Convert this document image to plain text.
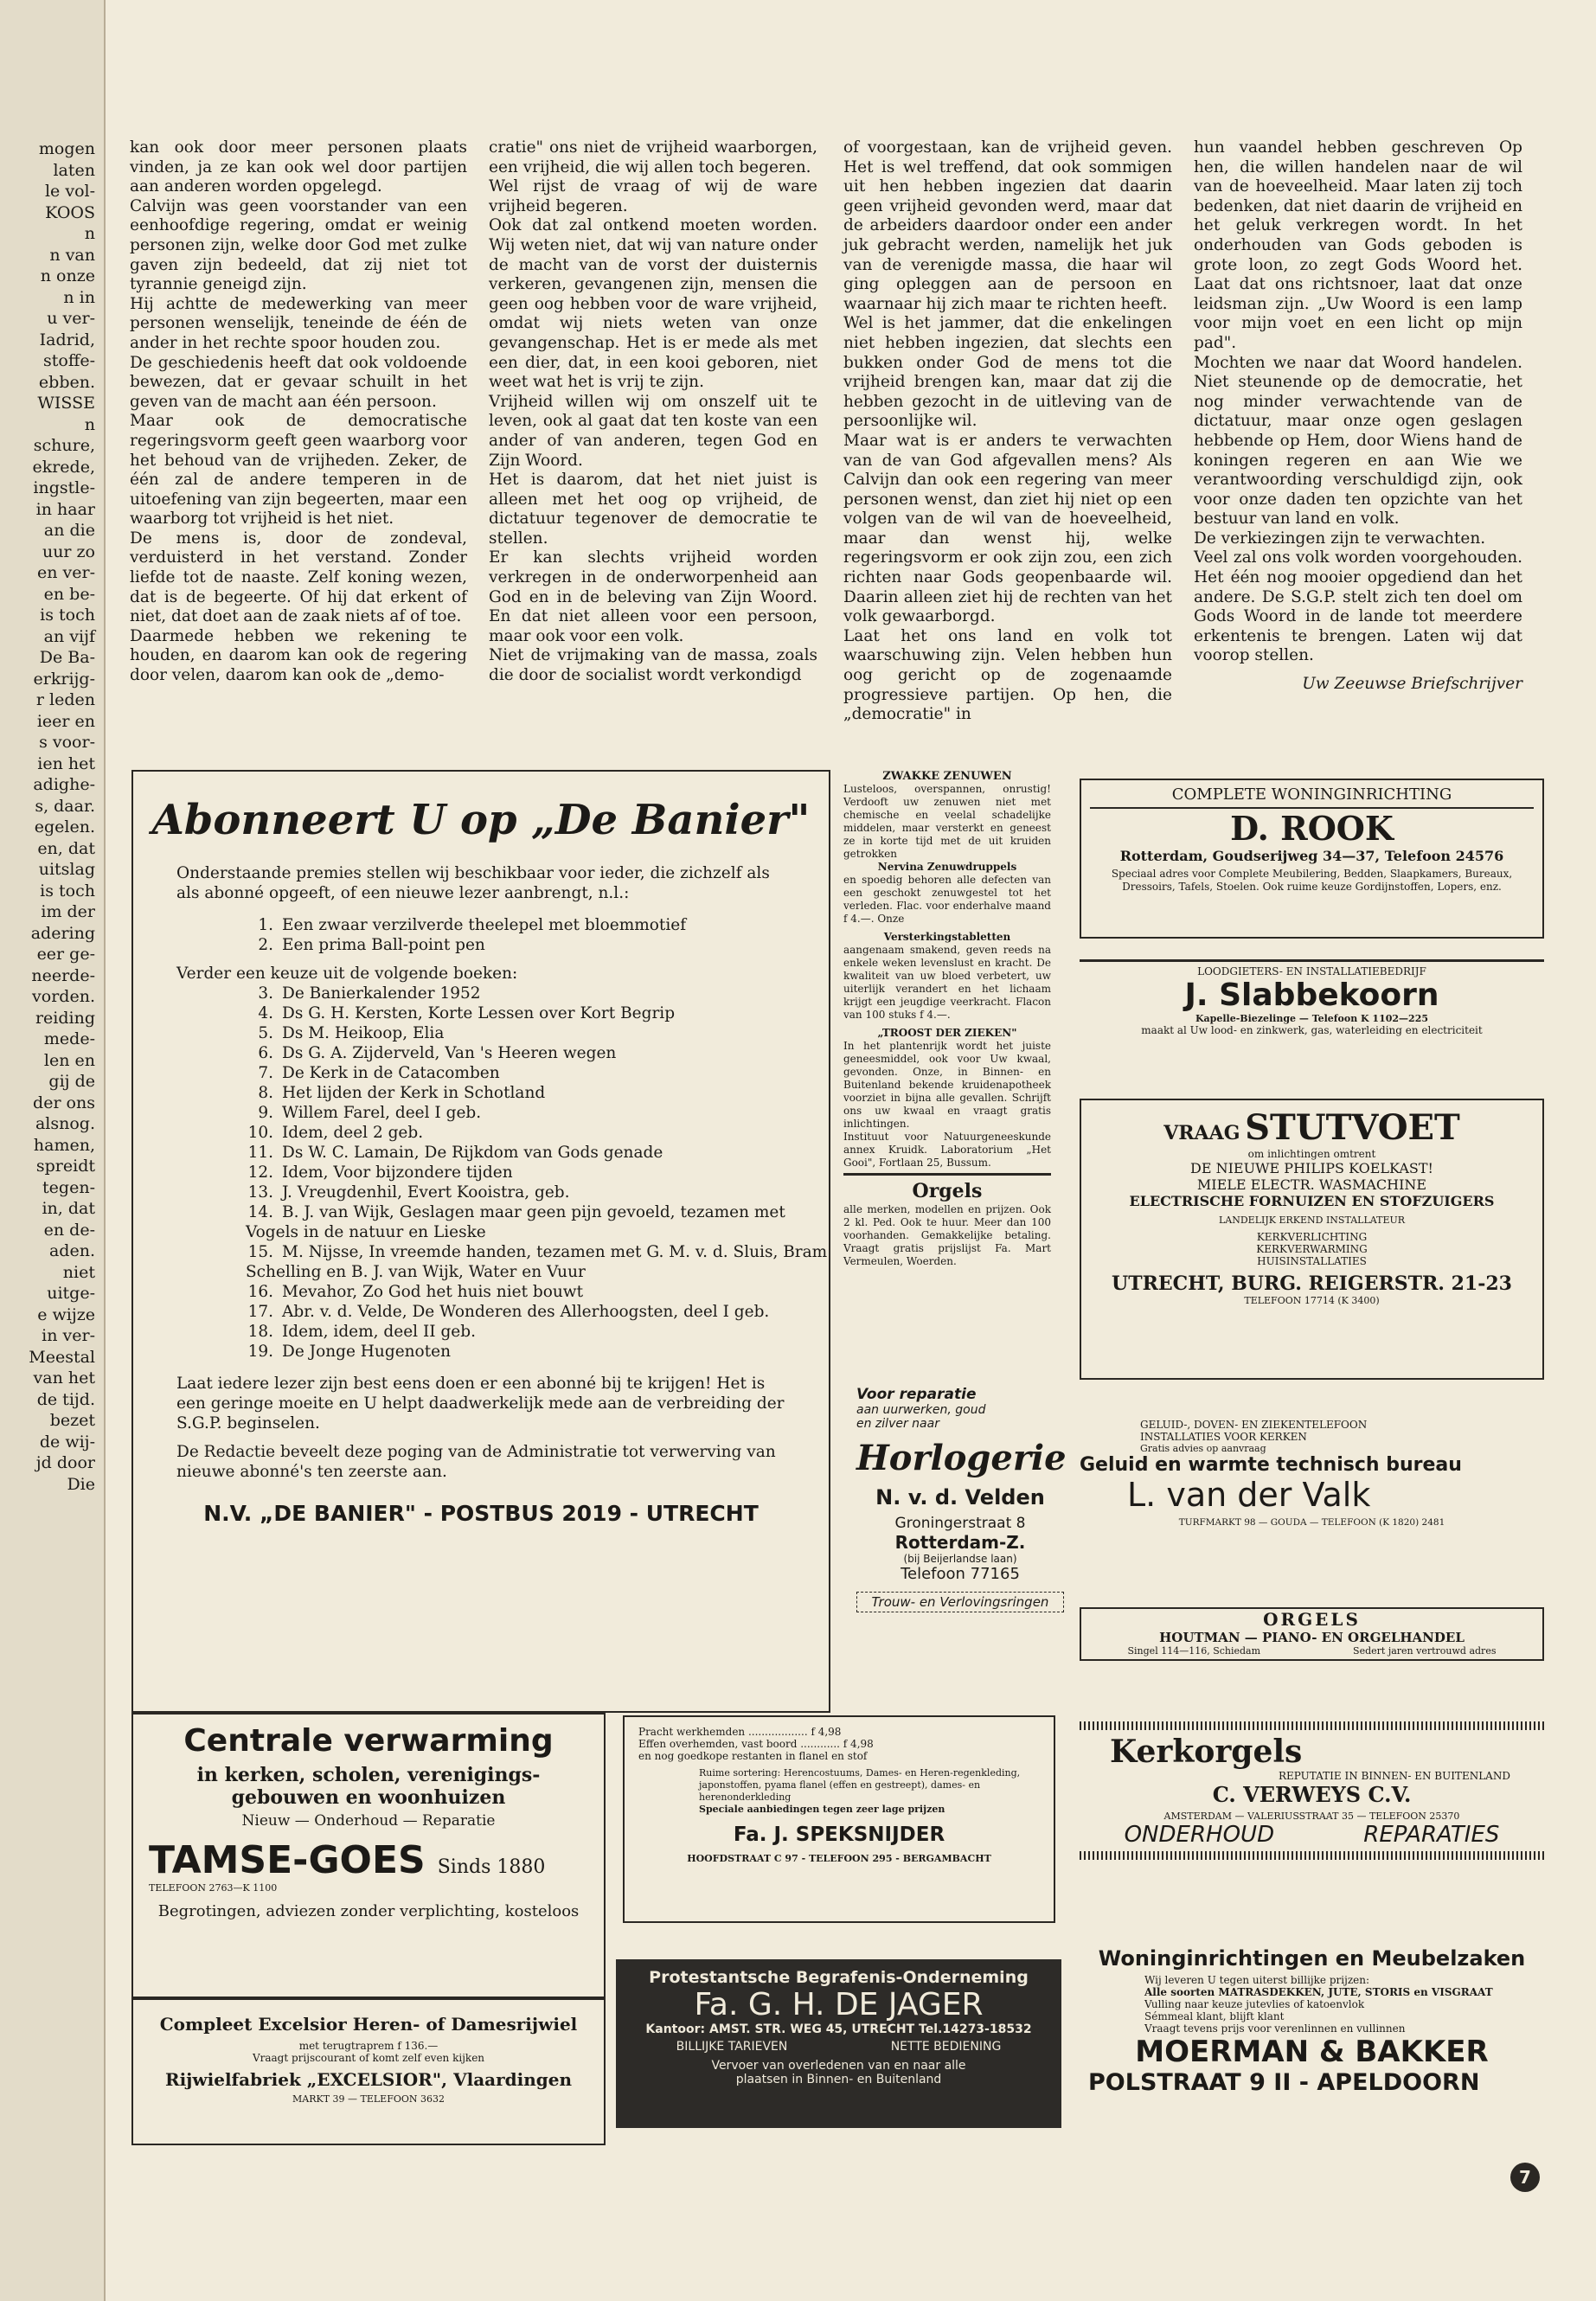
mogen
laten
le vol-
KOOS
n
n van
n onze
n in
u ver-
Iadrid,
stoffe-
ebben.
WISSE
n
schure,
ekrede,
ingstle-
in haar
an die
uur zo
en ver-
en be-
is toch
an vijf
De Ba-
erkrijg-
r leden
ieer en
s voor-
ien het
adighe-
s, daar.
egelen.
en, dat
uitslag
is toch
im der
adering
eer ge-
neerde-
vorden.
reiding
mede-
len en
gij de
der ons
alsnog.
hamen,
spreidt
tegen-
in, dat
en de-
aden.
niet
uitge-
e wijze
in ver-
Meestal
van het
de tijd.
bezet
de wij-
jd door
Die

kan ook door meer personen plaats vinden, ja ze kan ook wel door partijen aan anderen worden opgelegd.

Calvijn was geen voorstander van een eenhoofdige regering, omdat er weinig personen zijn, welke door God met zulke gaven zijn bedeeld, dat zij niet tot tyrannie geneigd zijn.

Hij achtte de medewerking van meer personen wenselijk, teneinde de één de ander in het rechte spoor houden zou.

De geschiedenis heeft dat ook voldoende bewezen, dat er gevaar schuilt in het geven van de macht aan één persoon.

Maar ook de democratische regeringsvorm geeft geen waarborg voor het behoud van de vrijheden. Zeker, de één zal de andere temperen in de uitoefening van zijn begeerten, maar een waarborg tot vrijheid is het niet.

De mens is, door de zondeval, verduisterd in het verstand. Zonder liefde tot de naaste. Zelf koning wezen, dat is de begeerte. Of hij dat erkent of niet, dat doet aan de zaak niets af of toe.

Daarmede hebben we rekening te houden, en daarom kan ook de regering door velen, daarom kan ook de „demo-

cratie" ons niet de vrijheid waarborgen, een vrijheid, die wij allen toch begeren.

Wel rijst de vraag of wij de ware vrijheid begeren.

Ook dat zal ontkend moeten worden. Wij weten niet, dat wij van nature onder de macht van de vorst der duisternis verkeren, gevangenen zijn, mensen die geen oog hebben voor de ware vrijheid, omdat wij niets weten van onze gevangenschap. Het is er mede als met een dier, dat, in een kooi geboren, niet weet wat het is vrij te zijn.

Vrijheid willen wij om onszelf uit te leven, ook al gaat dat ten koste van een ander of van anderen, tegen God en Zijn Woord.

Het is daarom, dat het niet juist is alleen met het oog op vrijheid, de dictatuur tegenover de democratie te stellen.

Er kan slechts vrijheid worden verkregen in de onderworpenheid aan God en in de beleving van Zijn Woord. En dat niet alleen voor een persoon, maar ook voor een volk.

Niet de vrijmaking van de massa, zoals die door de socialist wordt verkondigd

of voorgestaan, kan de vrijheid geven. Het is wel treffend, dat ook sommigen uit hen hebben ingezien dat daarin geen vrijheid gevonden werd, maar dat de arbeiders daardoor onder een ander juk gebracht werden, namelijk het juk van de verenigde massa, die haar wil ging opleggen aan de persoon en waarnaar hij zich maar te richten heeft.

Wel is het jammer, dat die enkelingen niet hebben ingezien, dat slechts een bukken onder God de mens tot die vrijheid brengen kan, maar dat zij die hebben gezocht in de uitleving van de persoonlijke wil.

Maar wat is er anders te verwachten van de van God afgevallen mens? Als Calvijn dan ook een regering van meer personen wenst, dan ziet hij niet op een volgen van de wil van de hoeveelheid, maar dan wenst hij, welke regeringsvorm er ook zijn zou, een zich richten naar Gods geopenbaarde wil. Daarin alleen ziet hij de rechten van het volk gewaarborgd.

Laat het ons land en volk tot waarschuwing zijn. Velen hebben hun oog gericht op de zogenaamde progressieve partijen. Op hen, die „democratie" in

hun vaandel hebben geschreven Op hen, die willen handelen naar de wil van de hoeveelheid. Maar laten zij toch bedenken, dat niet daarin de vrijheid en het geluk verkregen wordt. In het onderhouden van Gods geboden is grote loon, zo zegt Gods Woord het. Laat dat ons richtsnoer, laat dat onze leidsman zijn. „Uw Woord is een lamp voor mijn voet en een licht op mijn pad".

Mochten we naar dat Woord handelen. Niet steunende op de democratie, het nog minder verwachtende van de dictatuur, maar onze ogen geslagen hebbende op Hem, door Wiens hand de koningen regeren en aan Wie we verantwoording verschuldigd zijn, ook voor onze daden ten opzichte van het bestuur van land en volk.

De verkiezingen zijn te verwachten.

Veel zal ons volk worden voorgehouden. Het één nog mooier opgediend dan het andere. De S.G.P. stelt zich ten doel om Gods Woord in de lande tot meerdere erkentenis te brengen. Laten wij dat voorop stellen.

Uw Zeeuwse Briefschrijver

Abonneert U op „De Banier"
Onderstaande premies stellen wij beschikbaar voor ieder, die zichzelf als als abonné opgeeft, of een nieuwe lezer aanbrengt, n.l.:
1. Een zwaar verzilverde theelepel met bloemmotief
2. Een prima Ball-point pen
Verder een keuze uit de volgende boeken:
3. De Banierkalender 1952
4. Ds G. H. Kersten, Korte Lessen over Kort Begrip
5. Ds M. Heikoop, Elia
6. Ds G. A. Zijderveld, Van 's Heeren wegen
7. De Kerk in de Catacomben
8. Het lijden der Kerk in Schotland
9. Willem Farel, deel I geb.
10. Idem, deel 2 geb.
11. Ds W. C. Lamain, De Rijkdom van Gods genade
12. Idem, Voor bijzondere tijden
13. J. Vreugdenhil, Evert Kooistra, geb.
14. B. J. van Wijk, Geslagen maar geen pijn gevoeld, tezamen met Vogels in de natuur en Lieske
15. M. Nijsse, In vreemde handen, tezamen met G. M. v. d. Sluis, Bram Schelling en B. J. van Wijk, Water en Vuur
16. Mevahor, Zo God het huis niet bouwt
17. Abr. v. d. Velde, De Wonderen des Allerhoogsten, deel I geb.
18. Idem, idem, deel II geb.
19. De Jonge Hugenoten
Laat iedere lezer zijn best eens doen er een abonné bij te krijgen! Het is een geringe moeite en U helpt daadwerkelijk mede aan de verbreiding der S.G.P. beginselen.
De Redactie beveelt deze poging van de Administratie tot verwerving van nieuwe abonné's ten zeerste aan.
N.V. „DE BANIER" - POSTBUS 2019 - UTRECHT
ZWAKKE ZENUWEN
Lusteloos, overspannen, onrustig! Verdooft uw zenuwen niet met chemische en veelal schadelijke middelen, maar versterkt en geneest ze in korte tijd met de uit kruiden getrokken
Nervina Zenuwdruppels
en spoedig behoren alle defecten van een geschokt zenuwgestel tot het verleden. Flac. voor enderhalve maand f 4.—. Onze
Versterkingstabletten
aangenaam smakend, geven reeds na enkele weken levenslust en kracht. De kwaliteit van uw bloed verbetert, uw uiterlijk verandert en het lichaam krijgt een jeugdige veerkracht. Flacon van 100 stuks f 4.—.
„TROOST DER ZIEKEN"
In het plantenrijk wordt het juiste geneesmiddel, ook voor Uw kwaal, gevonden. Onze, in Binnen- en Buitenland bekende kruidenapotheek voorziet in bijna alle gevallen. Schrijft ons uw kwaal en vraagt gratis inlichtingen.
Instituut voor Natuurgeneeskunde annex Kruidk. Laboratorium „Het Gooi", Fortlaan 25, Bussum.
Orgels
alle merken, modellen en prijzen. Ook 2 kl. Ped. Ook te huur. Meer dan 100 voorhanden. Gemakkelijke betaling. Vraagt gratis prijslijst Fa. Mart Vermeulen, Woerden.
Voor reparatie
aan uurwerken, goud
en zilver naar
Horlogerie
N. v. d. Velden
Groningerstraat 8
Rotterdam-Z.
(bij Beijerlandse laan)
Telefoon 77165
Trouw- en Verlovingsringen
COMPLETE WONINGINRICHTING
D. ROOK
Rotterdam, Goudserijweg 34—37, Telefoon 24576
Speciaal adres voor Complete Meubilering, Bedden, Slaapkamers, Bureaux, Dressoirs, Tafels, Stoelen. Ook ruime keuze Gordijnstoffen, Lopers, enz.
LOODGIETERS- EN INSTALLATIEBEDRIJF
J. Slabbekoorn
Kapelle-Biezelinge — Telefoon K 1102—225
maakt al Uw lood- en zinkwerk, gas, waterleiding en electriciteit
VRAAG STUTVOET
om inlichtingen omtrent
DE NIEUWE PHILIPS KOELKAST!
MIELE ELECTR. WASMACHINE
ELECTRISCHE FORNUIZEN EN STOFZUIGERS
LANDELIJK ERKEND INSTALLATEUR
KERKVERLICHTING
KERKVERWARMING
HUISINSTALLATIES
UTRECHT, BURG. REIGERSTR. 21-23
TELEFOON 17714 (K 3400)
GELUID-, DOVEN- EN ZIEKENTELEFOON
INSTALLATIES VOOR KERKEN
Gratis advies op aanvraag
Geluid en warmte technisch bureau
L. van der Valk
TURFMARKT 98 — GOUDA — TELEFOON (K 1820) 2481
ORGELS
HOUTMAN — PIANO- EN ORGELHANDEL
Singel 114—116, Schiedam	Sedert jaren vertrouwd adres
Centrale verwarming
in kerken, scholen, verenigings-
gebouwen en woonhuizen
Nieuw — Onderhoud — Reparatie
TAMSE-GOES Sinds 1880
TELEFOON 2763—K 1100
Begrotingen, adviezen zonder verplichting, kosteloos
Compleet Excelsior Heren- of Damesrijwiel
met terugtraprem f 136.—
Vraagt prijscourant of komt zelf even kijken
Rijwielfabriek „EXCELSIOR", Vlaardingen
MARKT 39 — TELEFOON 3632
Pracht werkhemden .................. f 4,98
Effen overhemden, vast boord ............ f 4,98
en nog goedkope restanten in flanel en stof
Ruime sortering: Herencostuums, Dames- en Heren-regenkleding, japonstoffen, pyama flanel (effen en gestreept), dames- en herenonderkleding
Speciale aanbiedingen tegen zeer lage prijzen
Fa. J. SPEKSNIJDER
HOOFDSTRAAT C 97 - TELEFOON 295 - BERGAMBACHT
Protestantsche Begrafenis-Onderneming
Fa. G. H. DE JAGER
Kantoor: AMST. STR. WEG 45, UTRECHT Tel.14273-18532
BILLIJKE TARIEVEN	NETTE BEDIENING
Vervoer van overledenen van en naar alle
plaatsen in Binnen- en Buitenland
Kerkorgels
REPUTATIE IN BINNEN- EN BUITENLAND
C. VERWEYS C.V.
AMSTERDAM — VALERIUSSTRAAT 35 — TELEFOON 25370
ONDERHOUD	REPARATIES
Woninginrichtingen en Meubelzaken
Wij leveren U tegen uiterst billijke prijzen:
Alle soorten MATRASDEKKEN, JUTE, STORIS en VISGRAAT
Vulling naar keuze jutevlies of katoenvlok
Sémmeal klant, blijft klant
Vraagt tevens prijs voor verenlinnen en vullinnen
MOERMAN & BAKKER
POLSTRAAT 9 II - APELDOORN
7
